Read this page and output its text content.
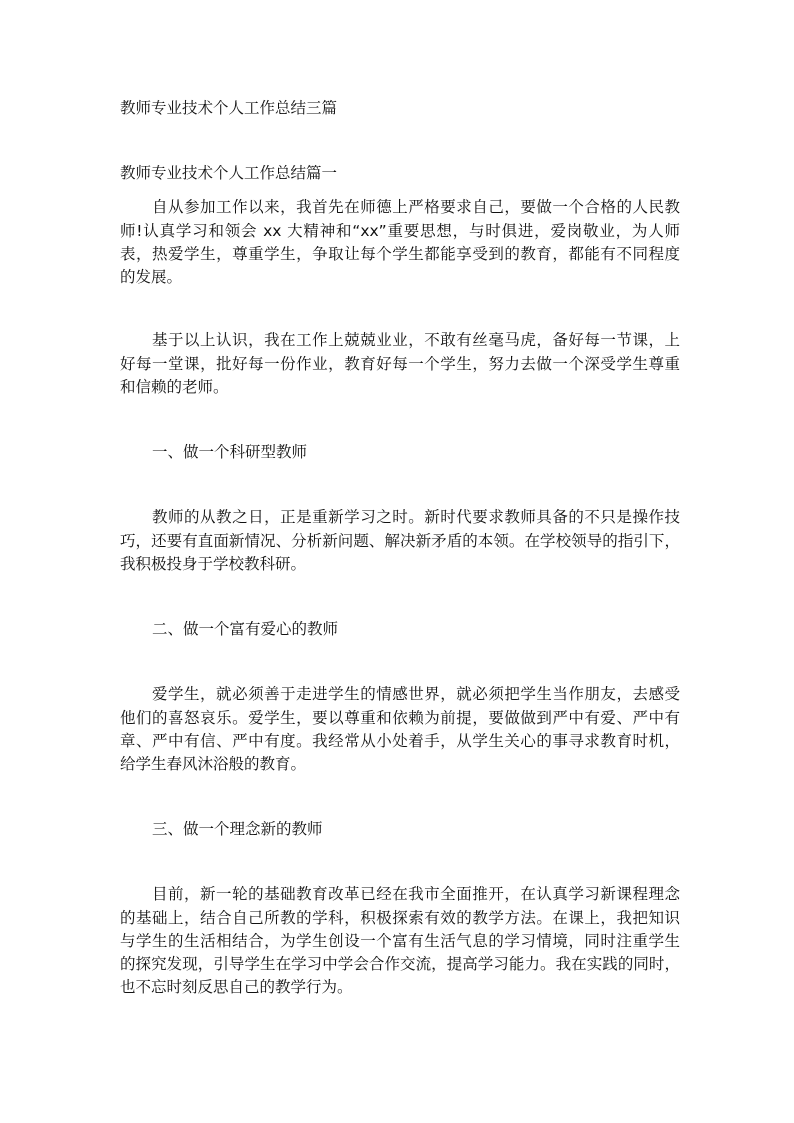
教师专业技术个人工作总结三篇
教师专业技术个人工作总结篇一
自从参加工作以来，我首先在师德上严格要求自己，要做一个合格的人民教
师!认真学习和领会 xx 大精神和“xx”重要思想，与时俱进，爱岗敬业，为人师
表，热爱学生，尊重学生，争取让每个学生都能享受到的教育，都能有不同程度
的发展。
基于以上认识，我在工作上兢兢业业，不敢有丝毫马虎，备好每一节课，上
好每一堂课，批好每一份作业，教育好每一个学生，努力去做一个深受学生尊重
和信赖的老师。
一、做一个科研型教师
教师的从教之日，正是重新学习之时。新时代要求教师具备的不只是操作技
巧，还要有直面新情况、分析新问题、解决新矛盾的本领。在学校领导的指引下，
我积极投身于学校教科研。
二、做一个富有爱心的教师
爱学生，就必须善于走进学生的情感世界，就必须把学生当作朋友，去感受
他们的喜怒哀乐。爱学生，要以尊重和依赖为前提，要做做到严中有爱、严中有
章、严中有信、严中有度。我经常从小处着手，从学生关心的事寻求教育时机，
给学生春风沐浴般的教育。
三、做一个理念新的教师
目前，新一轮的基础教育改革已经在我市全面推开，在认真学习新课程理念
的基础上，结合自己所教的学科，积极探索有效的教学方法。在课上，我把知识
与学生的生活相结合，为学生创设一个富有生活气息的学习情境，同时注重学生
的探究发现，引导学生在学习中学会合作交流，提高学习能力。我在实践的同时，
也不忘时刻反思自己的教学行为。
